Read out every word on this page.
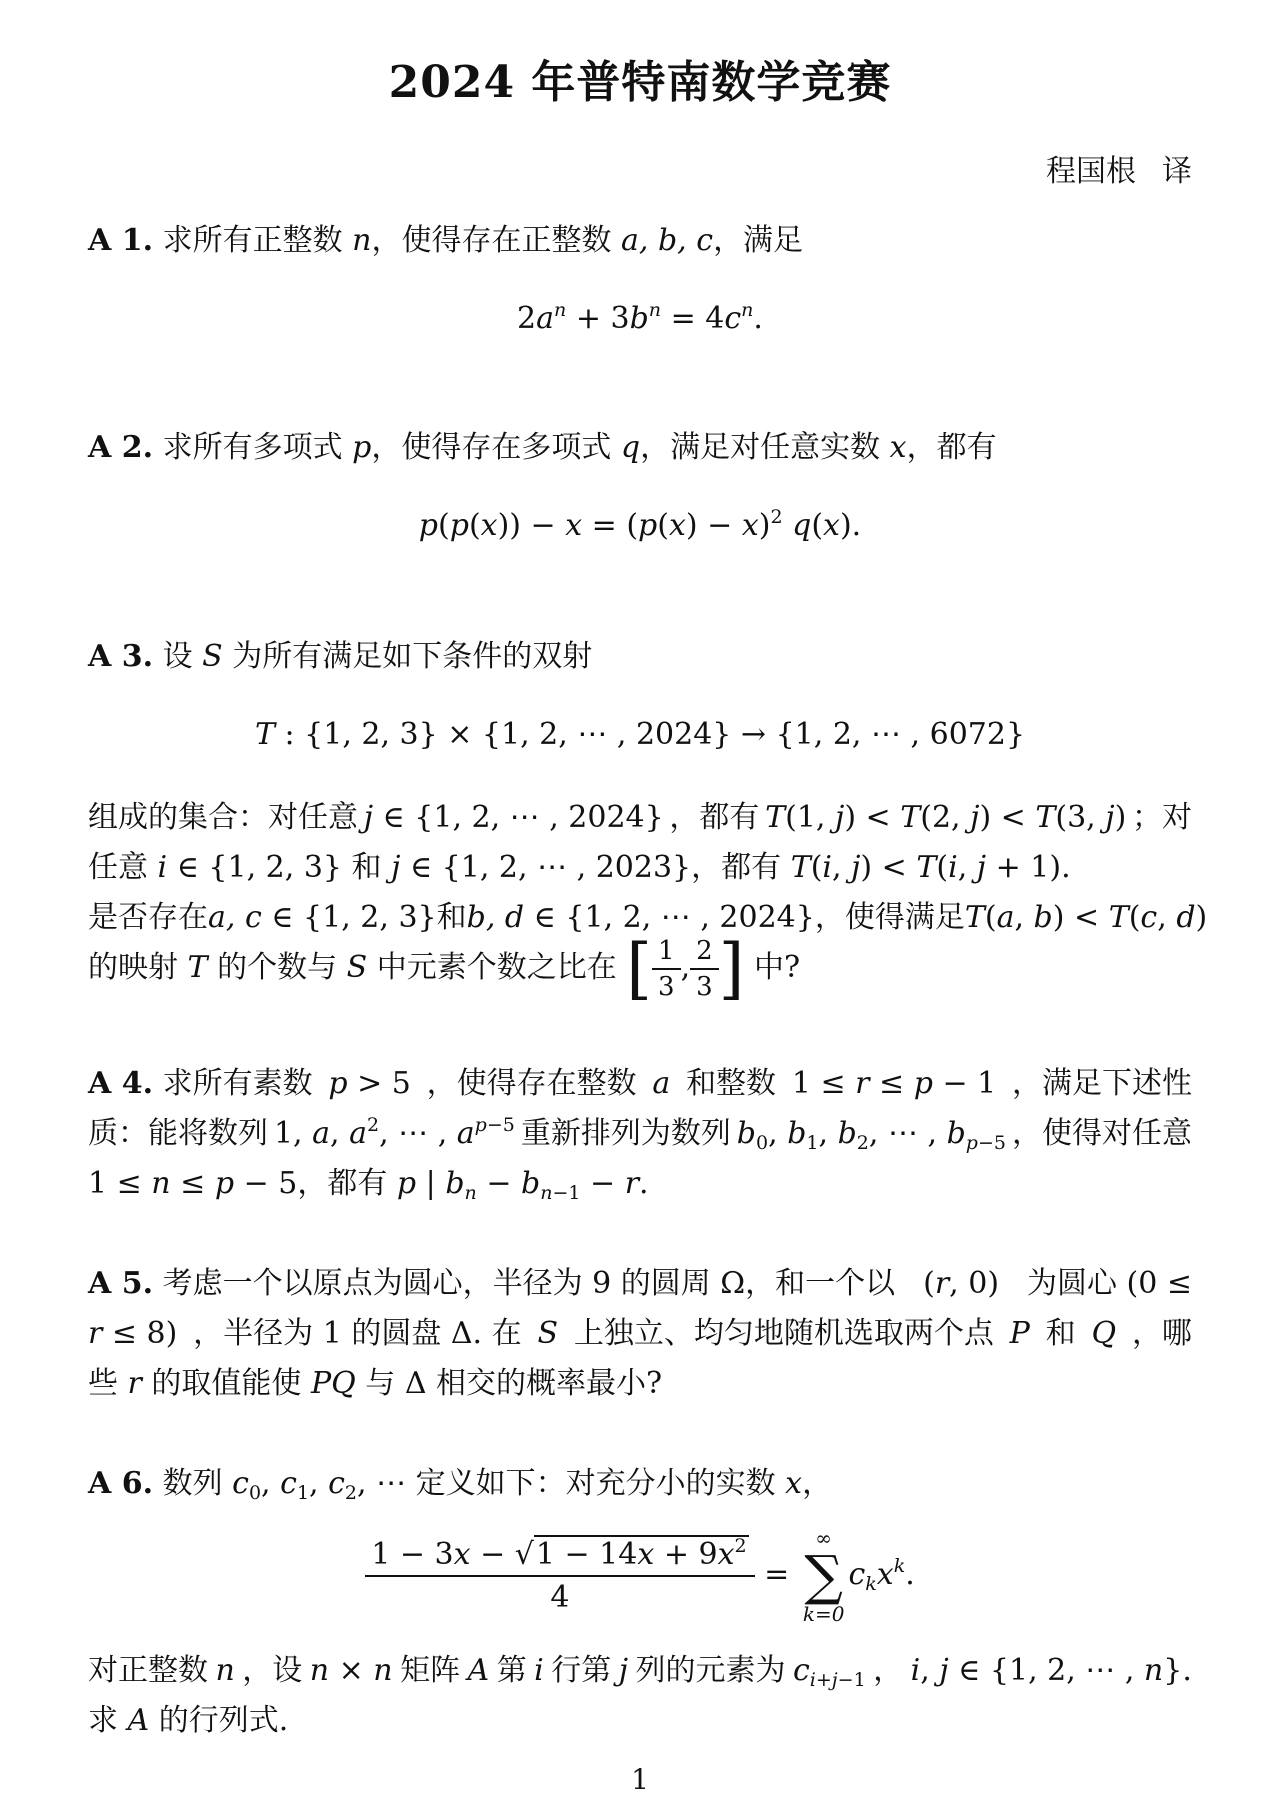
2024 年普特南数学竞赛
程国根 译
A 1. 求所有正整数 n，使得存在正整数 a, b, c，满足
$2a^n + 3b^n = 4c^n$.
A 2. 求所有多项式 p，使得存在多项式 q，满足对任意实数 x，都有
$p(p(x)) - x = (p(x) - x)^2$ q(x).
A 3. 设 S 为所有满足如下条件的双射
T : {1, 2, 3} × {1, 2, ⋯ , 2024} → {1, 2, ⋯ , 6072}
组成的集合：对任意 j ∈ {1, 2, ⋯ , 2024} ，都有 T(1, j) < T(2, j) < T(3, j) ；对
任意 i ∈ {1, 2, 3} 和 j ∈ {1, 2, ⋯ , 2023}，都有 T(i, j) < T(i, j + 1).
是否存在 a, c ∈ {1, 2, 3} 和 b, d ∈ {1, 2, ⋯ , 2024} ，使得满足 T(a, b) < T(c, d)
的映射 T 的个数与 S 中元素个数之比在 [ $\frac{1}{3}$ , $\frac{2}{3}$ ] 中?
A 4. 求所有素数 p > 5 ，使得存在整数 a 和整数 1 ≤ r ≤ p − 1 ，满足下述性
质：能将数列 1, a, $a^2$, ⋯ , $a^{p-5}$ 重新排列为数列 $b_0$, $b_1$, $b_2$, ⋯ , $b_{p-5}$ ，使得对任意
1 ≤ n ≤ p − 5，都有 p | $b_n - b_{n-1} - r$.
A 5. 考虑一个以原点为圆心，半径为 9 的圆周 Ω，和一个以 (r, 0) 为圆心 (0 ≤
r ≤ 8) ，半径为 1 的圆盘 Δ. 在 S 上独立、均匀地随机选取两个点 P 和 Q ，哪
些 r 的取值能使 PQ 与 Δ 相交的概率最小?
A 6. 数列 $c_0$, $c_1$, $c_2$, ⋯ 定义如下：对充分小的实数 x，
$\frac{1 - 3x - √1 - 14x + 9x^2}{4}$ =
∞
∑
k=0
$c_kx^k$.
对正整数 n ，设 n × n 矩阵 A 第 i 行第 j 列的元素为 $c_{i+j-1}$ ， i, j ∈ {1, 2, ⋯ , n}.
求 A 的行列式.
1
